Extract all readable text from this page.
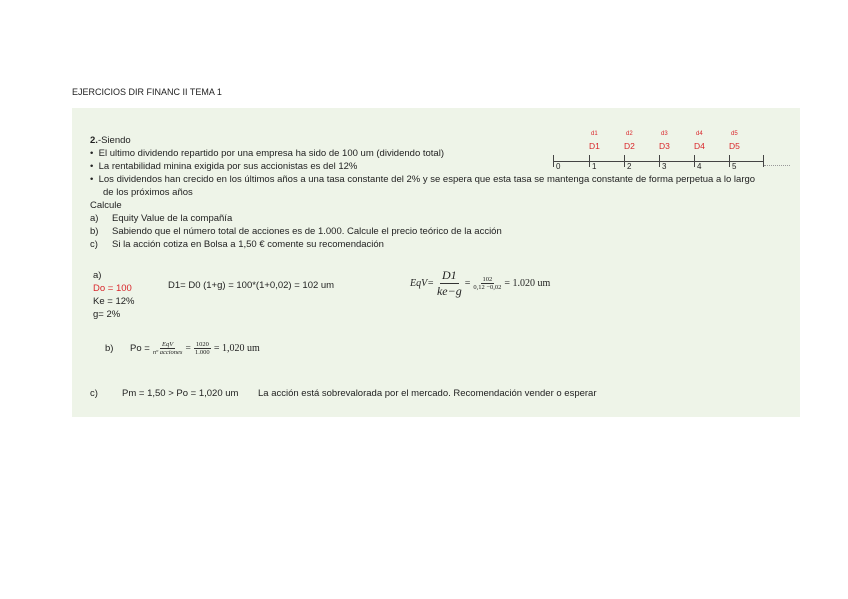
EJERCICIOS DIR FINANC II TEMA 1
2.-Siendo
•  El ultimo dividendo repartido por una empresa ha sido de 100 um (dividendo total)
•  La rentabilidad minina exigida por sus accionistas es del 12%
•  Los dividendos han crecido en los últimos años a una tasa constante del 2% y se espera que esta tasa se mantenga constante de forma perpetua a lo largo
de los próximos años
Calcule
a) Equity Value de la compañía
b) Sabiendo que el número total de acciones es de 1.000. Calcule el precio teórico de la acción
c) Si la acción cotiza en Bolsa a 1,50 € comente su recomendación
0	1	2	3	4	5
d1	d2	d3	d4	d5
D1	D2	D3	D4	D5
a)
Do = 100
Ke = 12%
g= 2%
D1= D0 (1+g) = 100*(1+0,02) = 102 um	$EqV= \frac{D1}{ke-g} = \frac{102}{0,12 -0,02} = 1.020$ um
b)	$Po = \frac{\text{EqV}}{\text{nº acciones}} = \frac{1020}{1.000} = 1,020$ um
c)	Pm = 1,50 > Po = 1,020 um La acción está sobrevalorada por el mercado. Recomendación vender o esperar
